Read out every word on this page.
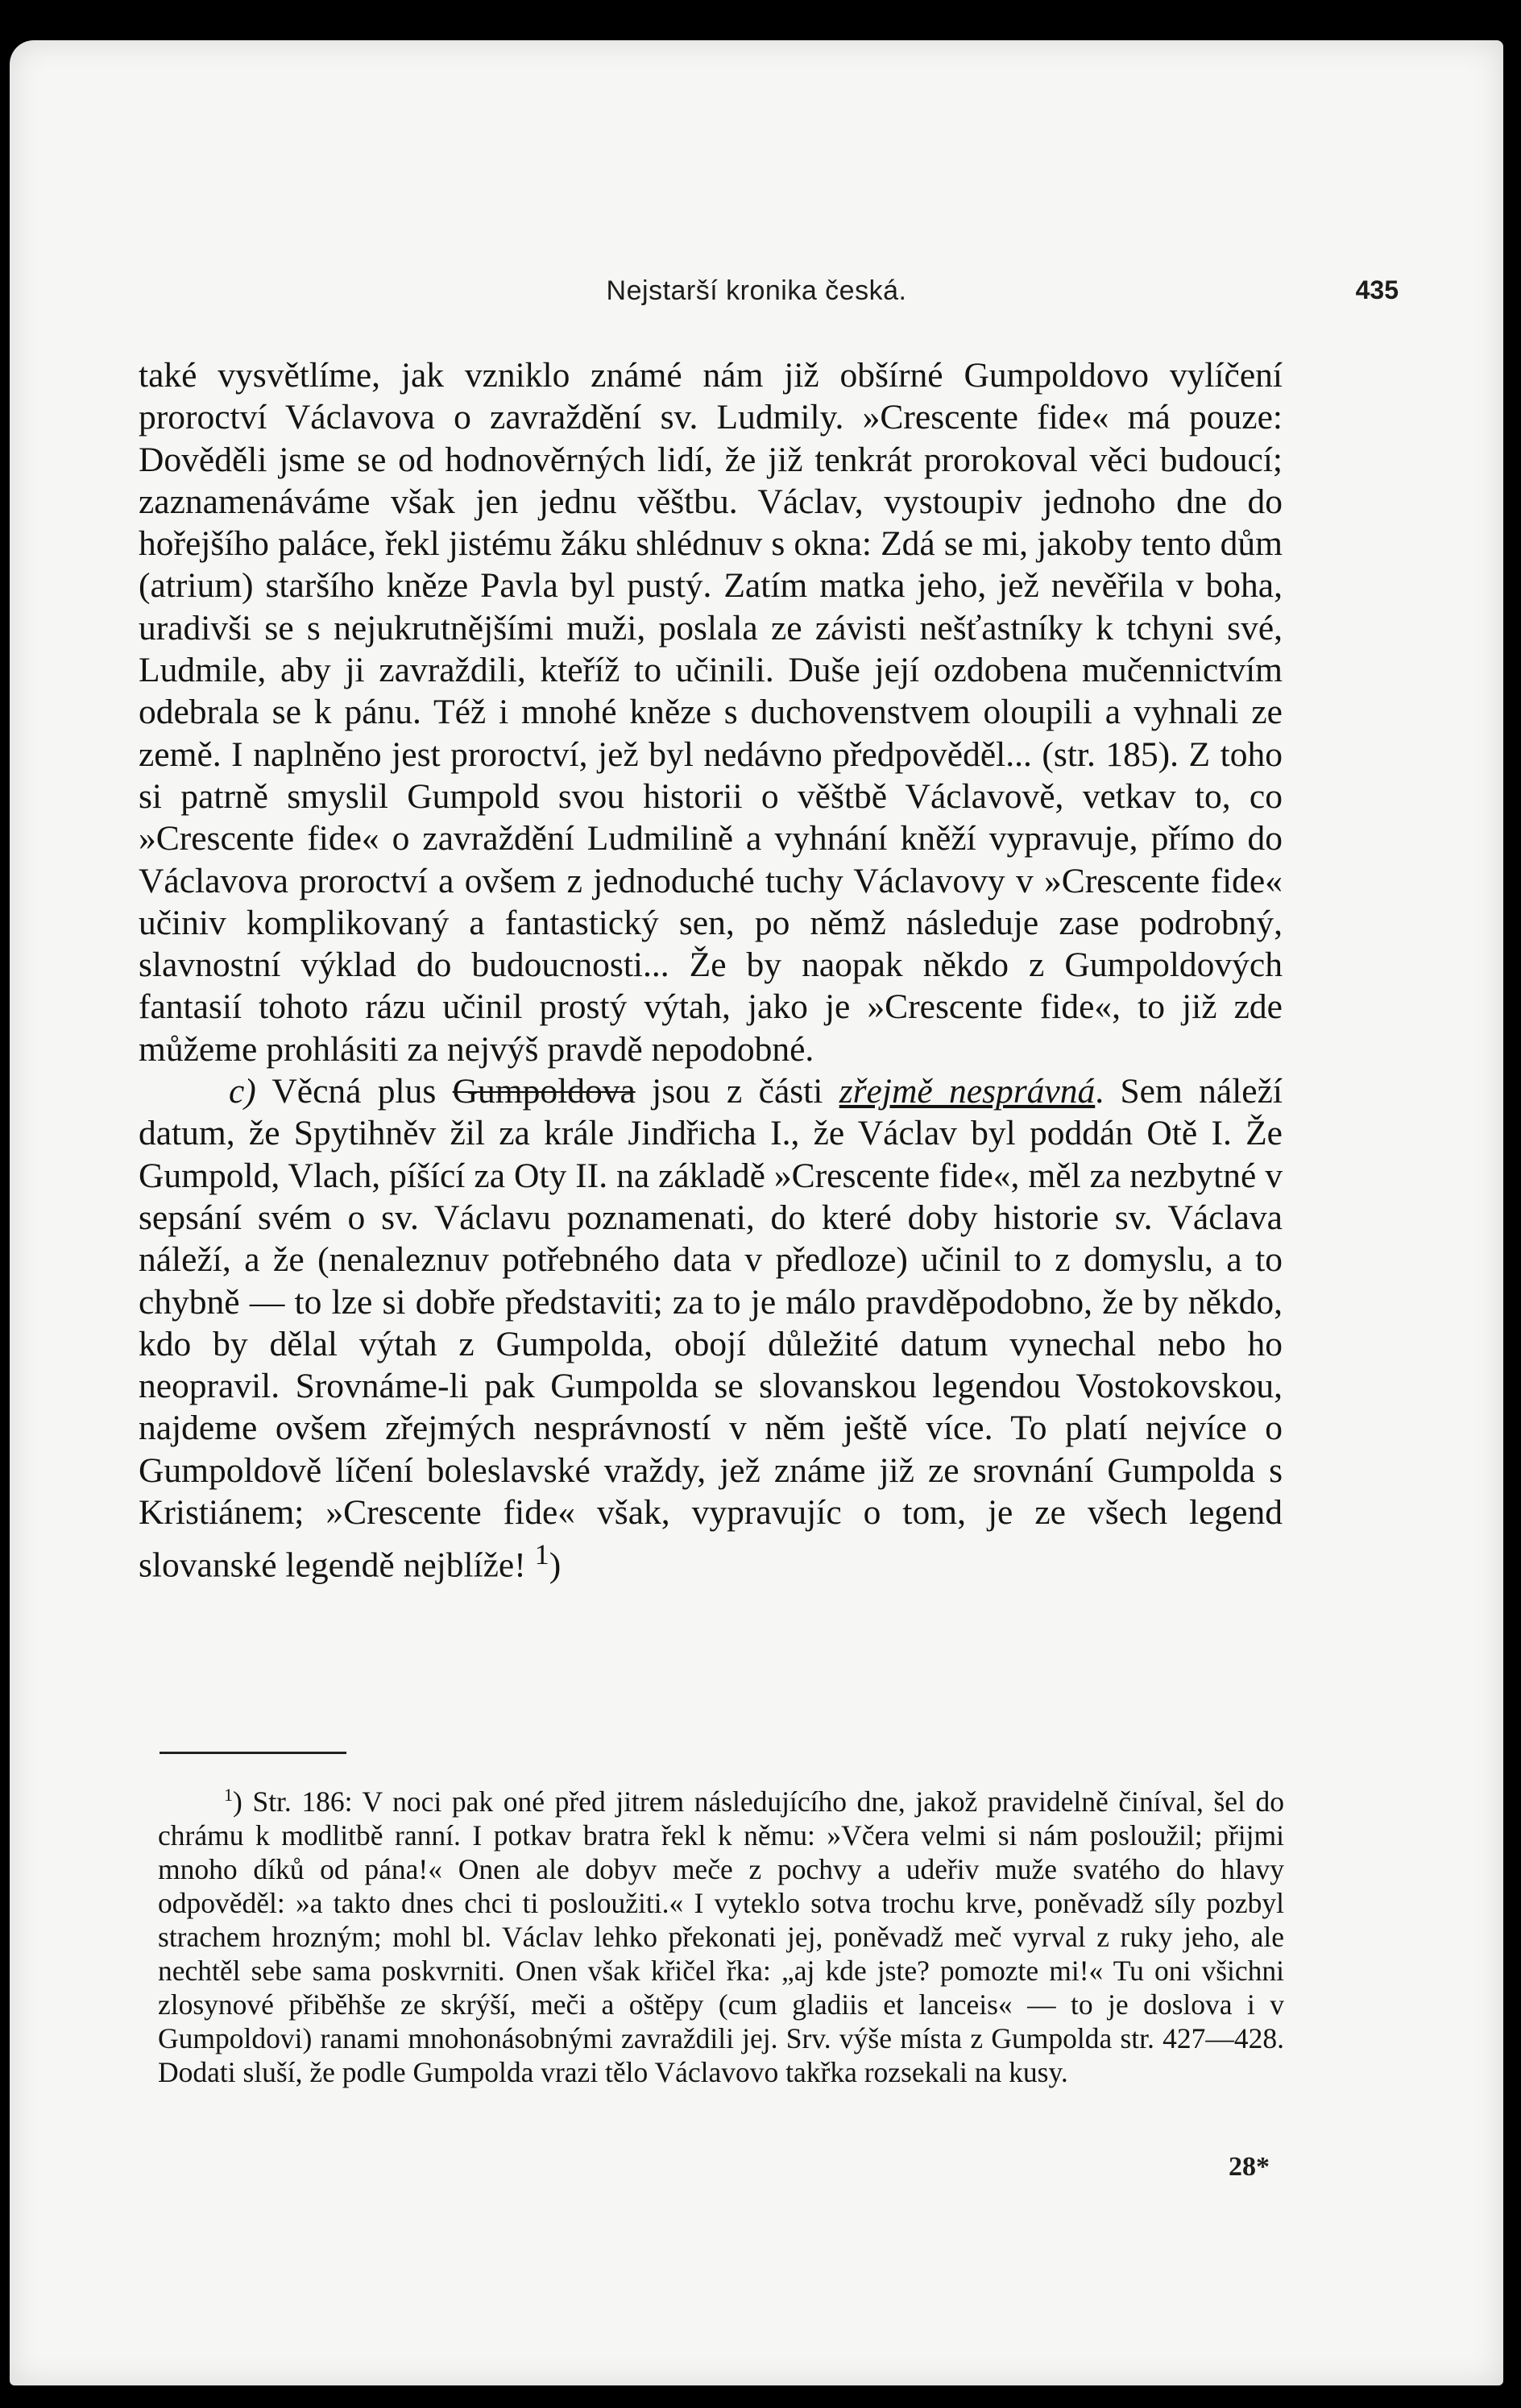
Nejstarší kronika česká.	435

také vysvětlíme, jak vzniklo známé nám již obšírné Gumpoldovo vylíčení proroctví Václavova o zavraždění sv. Ludmily. »Crescente fide« má pouze: Dověděli jsme se od hodnověrných lidí, že již tenkrát prorokoval věci budoucí; zaznamenáváme však jen jednu věštbu. Václav, vystoupiv jednoho dne do hořejšího paláce, řekl jistému žáku shlédnuv s okna: Zdá se mi, jakoby tento dům (atrium) staršího kněze Pavla byl pustý. Zatím matka jeho, jež nevěřila v boha, uradivši se s nejukrutnějšími muži, poslala ze závisti nešťastníky k tchyni své, Ludmile, aby ji zavraždili, kteříž to učinili. Duše její ozdobena mučennictvím odebrala se k pánu. Též i mnohé kněze s duchovenstvem oloupili a vyhnali ze země. I naplněno jest proroctví, jež byl nedávno předpověděl... (str. 185). Z toho si patrně smyslil Gumpold svou historii o věštbě Václavově, vetkav to, co »Crescente fide« o zavraždění Ludmilině a vyhnání kněží vypravuje, přímo do Václavova proroctví a ovšem z jednoduché tuchy Václavovy v »Crescente fide« učiniv komplikovaný a fantastický sen, po němž následuje zase podrobný, slavnostní výklad do budoucnosti... Že by naopak někdo z Gumpoldových fantasií tohoto rázu učinil prostý výtah, jako je »Crescente fide«, to již zde můžeme prohlásiti za nejvýš pravdě nepodobné.

c) Věcná plus Gumpoldova jsou z části zřejmě nesprávná. Sem náleží datum, že Spytihněv žil za krále Jindřicha I., že Václav byl poddán Otě I. Že Gumpold, Vlach, píšící za Oty II. na základě »Crescente fide«, měl za nezbytné v sepsání svém o sv. Václavu poznamenati, do které doby historie sv. Václava náleží, a že (nenaleznuv potřebného data v předloze) učinil to z domyslu, a to chybně — to lze si dobře představiti; za to je málo pravděpodobno, že by někdo, kdo by dělal výtah z Gumpolda, obojí důležité datum vynechal nebo ho neopravil. Srovnáme-li pak Gumpolda se slovanskou legendou Vostokovskou, najdeme ovšem zřejmých nesprávností v něm ještě více. To platí nejvíce o Gumpoldově líčení boleslavské vraždy, jež známe již ze srovnání Gumpolda s Kristiánem; »Crescente fide« však, vypravujíc o tom, je ze všech legend slovanské legendě nejblíže! $^1$)

$^1$) Str. 186: V noci pak oné před jitrem následujícího dne, jakož pravidelně činíval, šel do chrámu k modlitbě ranní. I potkav bratra řekl k němu: »Včera velmi si nám posloužil; přijmi mnoho díků od pána!« Onen ale dobyv meče z pochvy a udeřiv muže svatého do hlavy odpověděl: »a takto dnes chci ti posloužiti.« I vyteklo sotva trochu krve, poněvadž síly pozbyl strachem hrozným; mohl bl. Václav lehko překonati jej, poněvadž meč vyrval z ruky jeho, ale nechtěl sebe sama poskvrniti. Onen však křičel řka: „aj kde jste? pomozte mi!« Tu oni všichni zlosynové přiběhše ze skrýší, meči a oštěpy (cum gladiis et lanceis« — to je doslova i v Gumpoldovi) ranami mnohonásobnými zavraždili jej. Srv. výše místa z Gumpolda str. 427—428. Dodati sluší, že podle Gumpolda vrazi tělo Václavovo takřka rozsekali na kusy.

28*
